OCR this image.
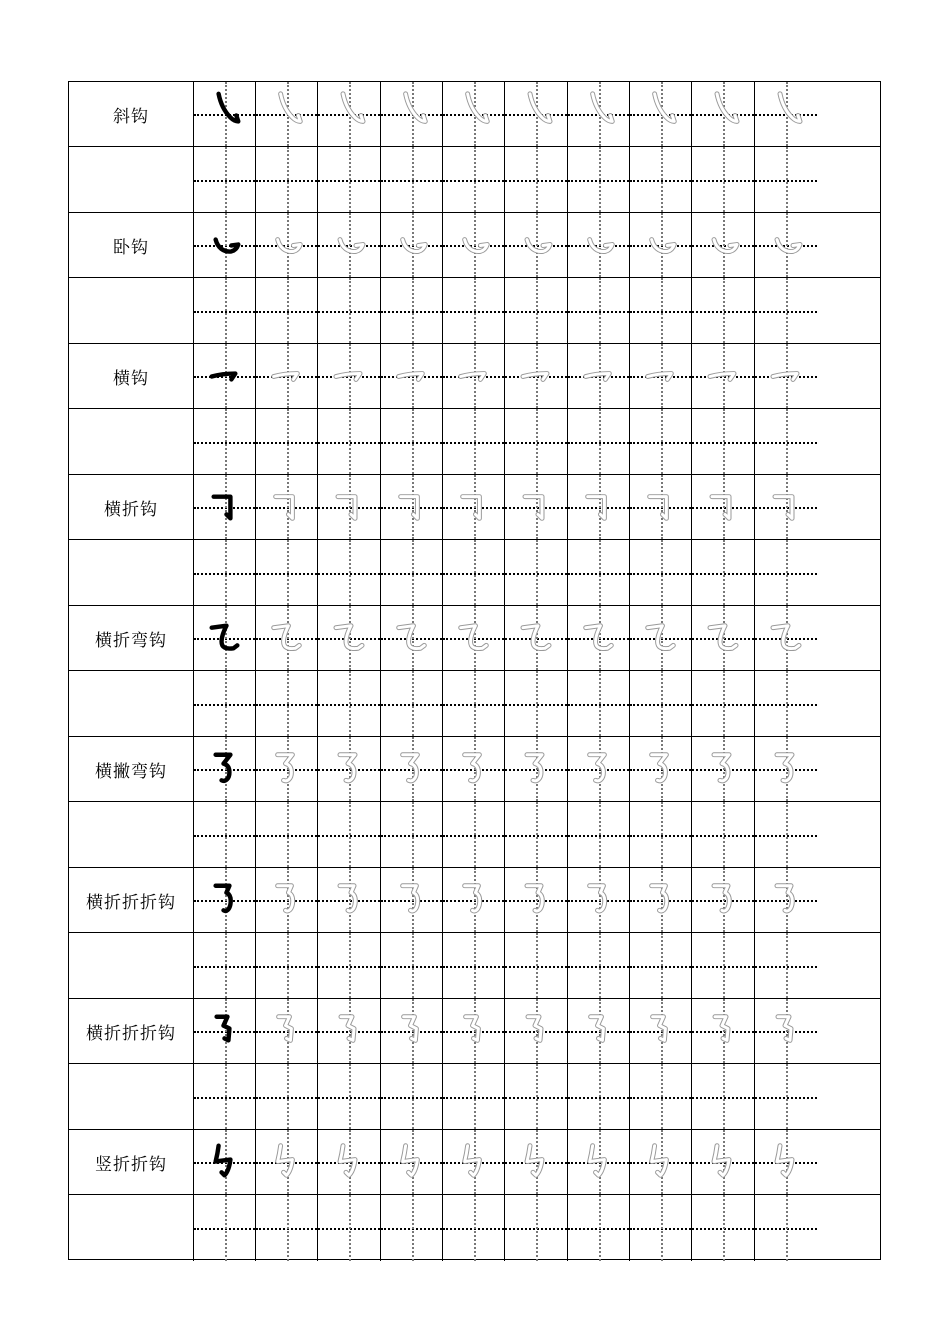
斜钩
卧钩
横钩
横折钩
横折弯钩
横撇弯钩
横折折折钩
横折折折钩
竖折折钩
